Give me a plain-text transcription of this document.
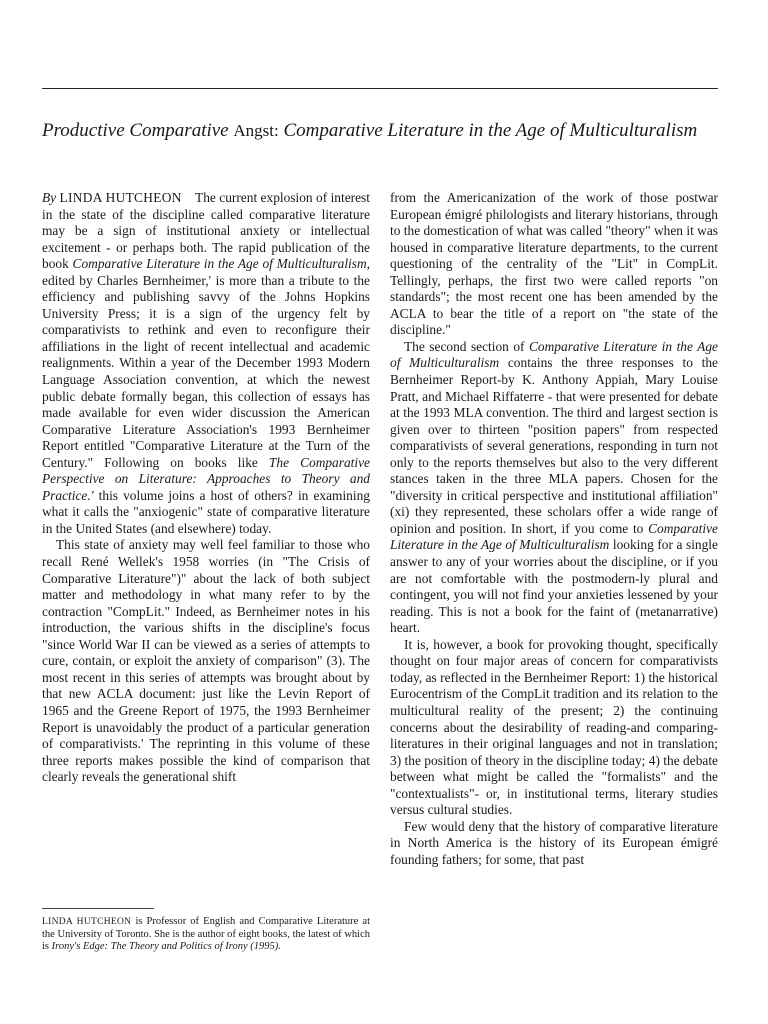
Productive Comparative Angst: Comparative Literature in the Age of Multiculturalism

By LINDA HUTCHEON The current explosion of interest in the state of the discipline called comparative literature may be a sign of institutional anxiety or intellectual excitement - or perhaps both. The rapid publication of the book Comparative Literature in the Age of Multiculturalism, edited by Charles Bernheimer,' is more than a tribute to the efficiency and publishing savvy of the Johns Hopkins University Press; it is a sign of the urgency felt by comparativists to rethink and even to reconfigure their affiliations in the light of recent intellectual and academic realignments. Within a year of the December 1993 Modern Language Association convention, at which the newest public debate formally began, this collection of essays has made available for even wider discussion the American Comparative Literature Association's 1993 Bernheimer Report entitled "Comparative Literature at the Turn of the Century." Following on books like The Comparative Perspective on Literature: Approaches to Theory and Practice.' this volume joins a host of others? in examining what it calls the "anxiogenic" state of comparative literature in the United States (and elsewhere) today.

This state of anxiety may well feel familiar to those who recall René Wellek's 1958 worries (in "The Crisis of Comparative Literature")" about the lack of both subject matter and methodology in what many refer to by the contraction "CompLit." Indeed, as Bernheimer notes in his introduction, the various shifts in the discipline's focus "since World War II can be viewed as a series of attempts to cure, contain, or exploit the anxiety of comparison" (3). The most recent in this series of attempts was brought about by that new ACLA document: just like the Levin Report of 1965 and the Greene Report of 1975, the 1993 Bernheimer Report is unavoidably the product of a particular generation of comparativists.' The reprinting in this volume of these three reports makes possible the kind of comparison that clearly reveals the generational shift

from the Americanization of the work of those postwar European émigré philologists and literary historians, through to the domestication of what was called "theory" when it was housed in comparative literature departments, to the current questioning of the centrality of the "Lit" in CompLit. Tellingly, perhaps, the first two were called reports "on standards"; the most recent one has been amended by the ACLA to bear the title of a report on "the state of the discipline."

The second section of Comparative Literature in the Age of Multiculturalism contains the three responses to the Bernheimer Report-by K. Anthony Appiah, Mary Louise Pratt, and Michael Riffaterre - that were presented for debate at the 1993 MLA convention. The third and largest section is given over to thirteen "position papers" from respected comparativists of several generations, responding in turn not only to the reports themselves but also to the very different stances taken in the three MLA papers. Chosen for the "diversity in critical perspective and institutional affiliation" (xi) they represented, these scholars offer a wide range of opinion and position. In short, if you come to Comparative Literature in the Age of Multiculturalism looking for a single answer to any of your worries about the discipline, or if you are not comfortable with the postmodern-ly plural and contingent, you will not find your anxieties lessened by your reading. This is not a book for the faint of (metanarrative) heart.

It is, however, a book for provoking thought, specifically thought on four major areas of concern for comparativists today, as reflected in the Bernheimer Report: 1) the historical Eurocentrism of the CompLit tradition and its relation to the multicultural reality of the present; 2) the continuing concerns about the desirability of reading-and comparing-literatures in their original languages and not in translation; 3) the position of theory in the discipline today; 4) the debate between what might be called the "formalists" and the "contextualists"- or, in institutional terms, literary studies versus cultural studies.

Few would deny that the history of comparative literature in North America is the history of its European émigré founding fathers; for some, that past

LINDA HUTCHEON is Professor of English and Comparative Literature at the University of Toronto. She is the author of eight books, the latest of which is Irony's Edge: The Theory and Politics of Irony (1995).
